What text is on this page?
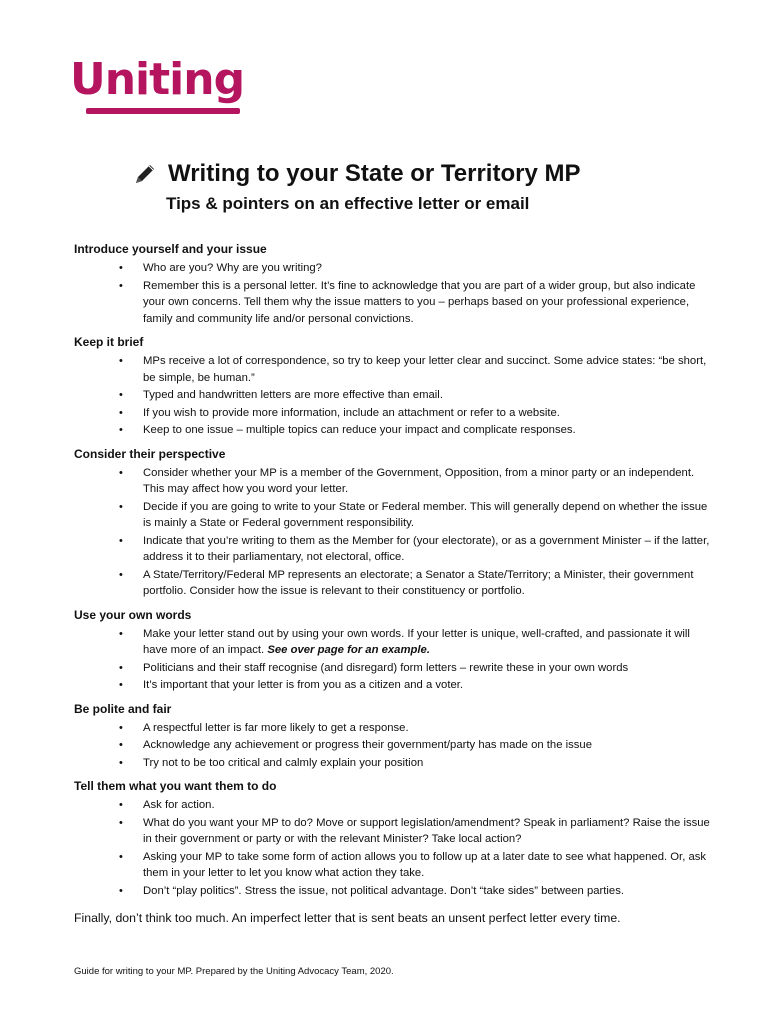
Uniting
Writing to your State or Territory MP
Tips & pointers on an effective letter or email
Introduce yourself and your issue
• Who are you? Why are you writing?
• Remember this is a personal letter. It’s fine to acknowledge that you are part of a wider group, but also indicate your own concerns. Tell them why the issue matters to you – perhaps based on your professional experience, family and community life and/or personal convictions.
Keep it brief
• MPs receive a lot of correspondence, so try to keep your letter clear and succinct. Some advice states: “be short, be simple, be human.”
• Typed and handwritten letters are more effective than email.
• If you wish to provide more information, include an attachment or refer to a website.
• Keep to one issue – multiple topics can reduce your impact and complicate responses.
Consider their perspective
• Consider whether your MP is a member of the Government, Opposition, from a minor party or an independent. This may affect how you word your letter.
• Decide if you are going to write to your State or Federal member. This will generally depend on whether the issue is mainly a State or Federal government responsibility.
• Indicate that you’re writing to them as the Member for (your electorate), or as a government Minister – if the latter, address it to their parliamentary, not electoral, office.
• A State/Territory/Federal MP represents an electorate; a Senator a State/Territory; a Minister, their government portfolio. Consider how the issue is relevant to their constituency or portfolio.
Use your own words
• Make your letter stand out by using your own words. If your letter is unique, well-crafted, and passionate it will have more of an impact. See over page for an example.
• Politicians and their staff recognise (and disregard) form letters – rewrite these in your own words
• It’s important that your letter is from you as a citizen and a voter.
Be polite and fair
• A respectful letter is far more likely to get a response.
• Acknowledge any achievement or progress their government/party has made on the issue
• Try not to be too critical and calmly explain your position
Tell them what you want them to do
• Ask for action.
• What do you want your MP to do? Move or support legislation/amendment? Speak in parliament? Raise the issue in their government or party or with the relevant Minister? Take local action?
• Asking your MP to take some form of action allows you to follow up at a later date to see what happened. Or, ask them in your letter to let you know what action they take.
• Don’t “play politics”. Stress the issue, not political advantage. Don’t “take sides” between parties.
Finally, don’t think too much. An imperfect letter that is sent beats an unsent perfect letter every time.
Guide for writing to your MP. Prepared by the Uniting Advocacy Team, 2020.
